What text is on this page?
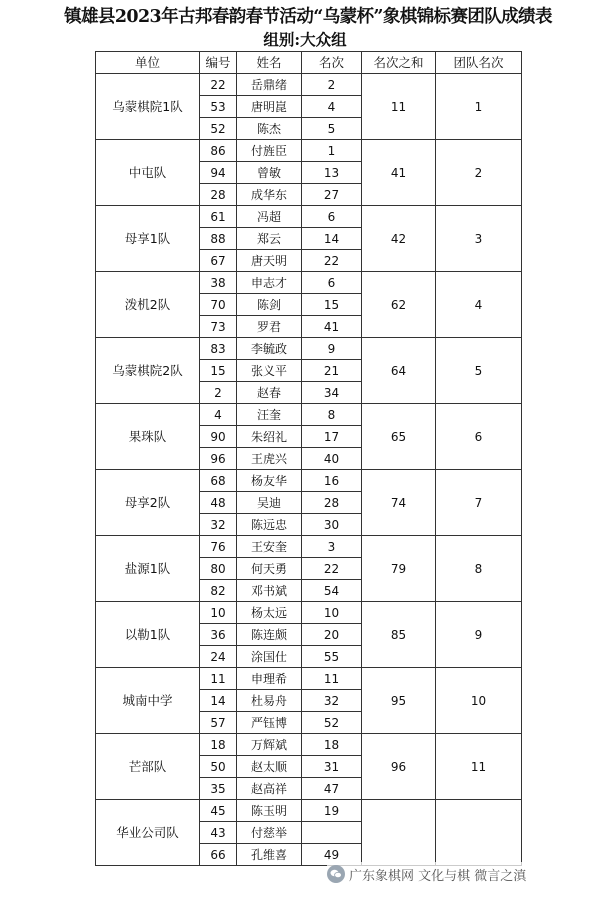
镇雄县2023年古邦春韵春节活动“乌蒙杯”象棋锦标赛团队成绩表
组别:大众组
单位	编号	姓名	名次	名次之和	团队名次
乌蒙棋院1队	22	岳鼎绪	2	11	1
	53	唐明崑	4		
	52	陈杰	5		
中屯队	86	付旌臣	1	41	2
	94	曾敏	13		
	28	成华东	27		
母享1队	61	冯超	6	42	3
	88	郑云	14		
	67	唐天明	22		
泼机2队	38	申志才	6	62	4
	70	陈剑	15		
	73	罗君	41		
乌蒙棋院2队	83	李毓政	9	64	5
	15	张义平	21		
	2	赵春	34		
果珠队	4	汪奎	8	65	6
	90	朱绍礼	17		
	96	王虎兴	40		
母享2队	68	杨友华	16	74	7
	48	吴迪	28		
	32	陈远忠	30		
盐源1队	76	王安奎	3	79	8
	80	何天勇	22		
	82	邓书斌	54		
以勒1队	10	杨太远	10	85	9
	36	陈连颇	20		
	24	涂国仕	55		
城南中学	11	申理希	11	95	10
	14	杜易舟	32		
	57	严钰博	52		
芒部队	18	万辉斌	18	96	11
	50	赵太顺	31		
	35	赵高祥	47		
华业公司队	45	陈玉明	19		
	43	付慈举			
	66	孔维喜	49		
广东象棋网 文化与棋 微言之滇
